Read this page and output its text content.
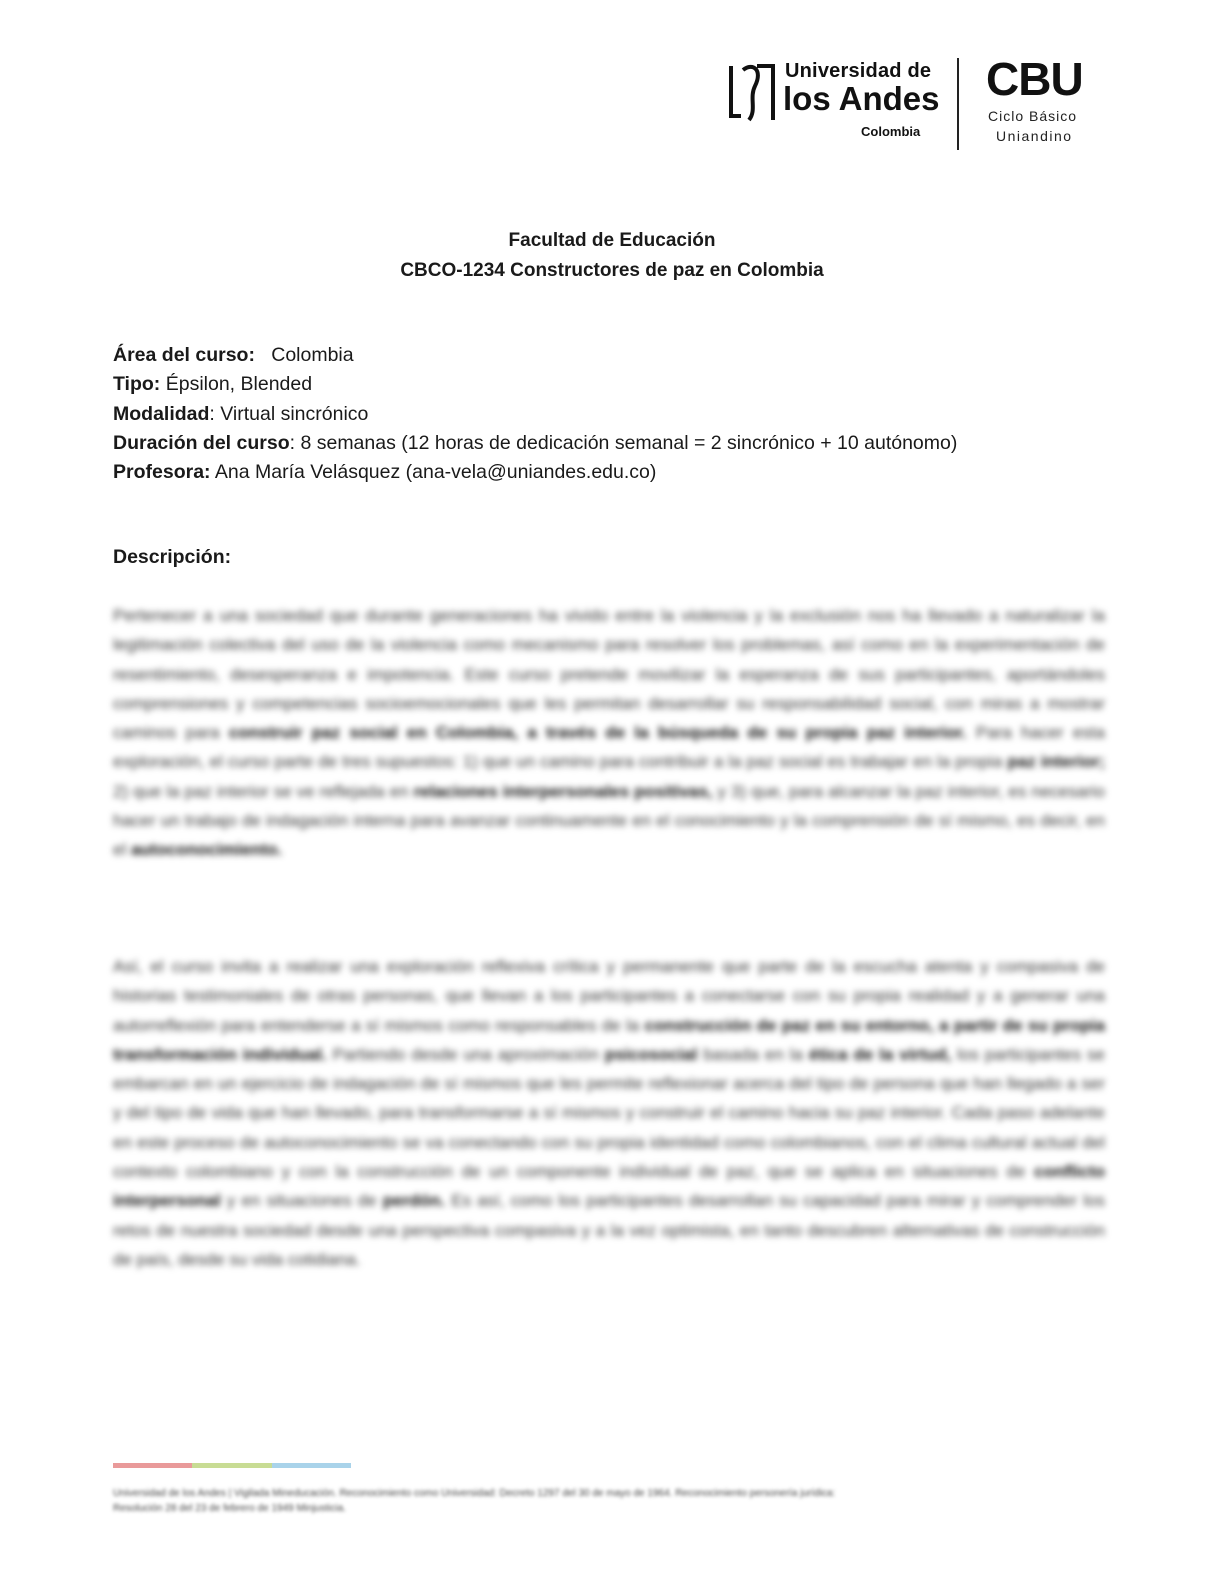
Universidad de
los Andes
Colombia
CBU
Ciclo Básico
Uniandino

Facultad de Educación

CBCO-1234 Constructores de paz en Colombia

Área del curso: Colombia
Tipo: Épsilon, Blended
Modalidad: Virtual sincrónico
Duración del curso: 8 semanas (12 horas de dedicación semanal = 2 sincrónico + 10 autónomo)
Profesora: Ana María Velásquez (ana-vela@uniandes.edu.co)
Descripción:
Pertenecer a una sociedad que durante generaciones ha vivido entre la violencia y la exclusión nos ha llevado a naturalizar la legitimación colectiva del uso de la violencia como mecanismo para resolver los problemas, así como en la experimentación de resentimiento, desesperanza e impotencia. Este curso pretende movilizar la esperanza de sus participantes, aportándoles comprensiones y competencias socioemocionales que les permitan desarrollar su responsabilidad social, con miras a mostrar caminos para construir paz social en Colombia, a través de la búsqueda de su propia paz interior. Para hacer esta exploración, el curso parte de tres supuestos: 1) que un camino para contribuir a la paz social es trabajar en la propia paz interior; 2) que la paz interior se ve reflejada en relaciones interpersonales positivas, y 3) que, para alcanzar la paz interior, es necesario hacer un trabajo de indagación interna para avanzar continuamente en el conocimiento y la comprensión de sí mismo, es decir, en el autoconocimiento.
Así, el curso invita a realizar una exploración reflexiva crítica y permanente que parte de la escucha atenta y compasiva de historias testimoniales de otras personas, que llevan a los participantes a conectarse con su propia realidad y a generar una autorreflexión para entenderse a sí mismos como responsables de la construcción de paz en su entorno, a partir de su propia transformación individual. Partiendo desde una aproximación psicosocial basada en la ética de la virtud, los participantes se embarcan en un ejercicio de indagación de sí mismos que les permite reflexionar acerca del tipo de persona que han llegado a ser y del tipo de vida que han llevado, para transformarse a sí mismos y construir el camino hacia su paz interior. Cada paso adelante en este proceso de autoconocimiento se va conectando con su propia identidad como colombianos, con el clima cultural actual del contexto colombiano y con la construcción de un componente individual de paz, que se aplica en situaciones de conflicto interpersonal y en situaciones de perdón. Es así, como los participantes desarrollan su capacidad para mirar y comprender los retos de nuestra sociedad desde una perspectiva compasiva y a la vez optimista, en tanto descubren alternativas de construcción de país, desde su vida cotidiana.
Universidad de los Andes | Vigilada Mineducación. Reconocimiento como Universidad: Decreto 1297 del 30 de mayo de 1964. Reconocimiento personería jurídica: Resolución 28 del 23 de febrero de 1949 Minjusticia.
